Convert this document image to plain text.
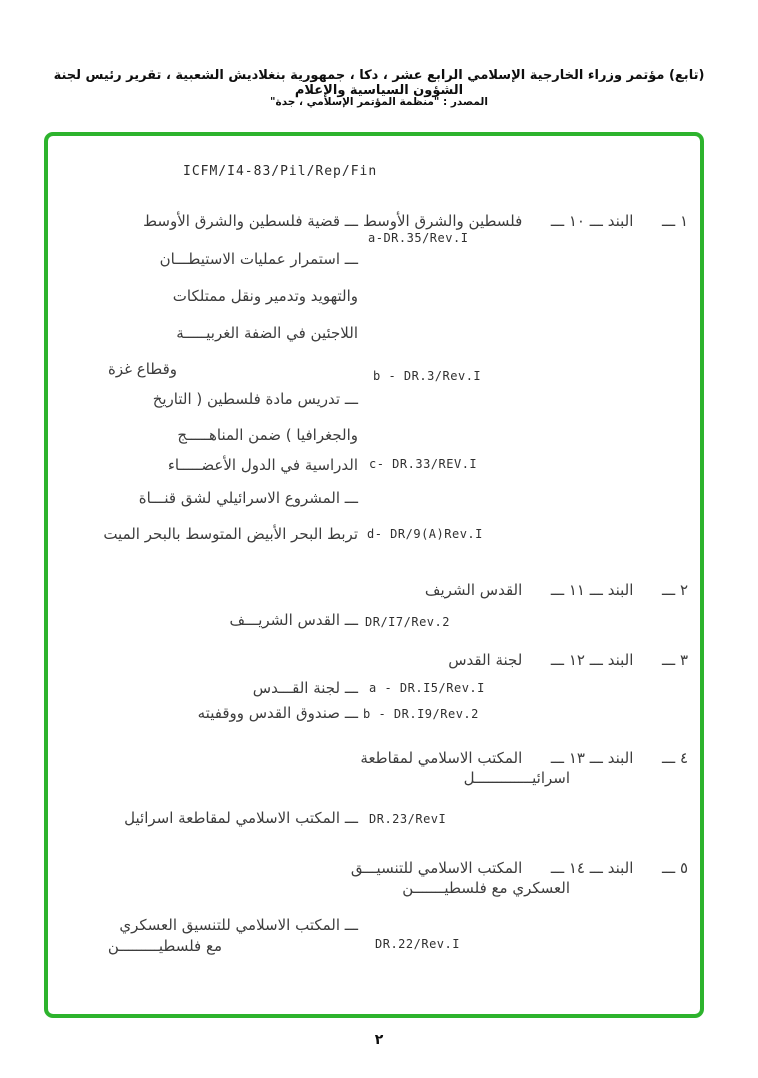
(تابع) مؤتمر وزراء الخارجية الإسلامي الرابع عشر ، دكا ، جمهورية بنغلاديش الشعبية ، تقرير رئيس لجنة الشؤون السياسية والإعلام
المصدر : "منظمة المؤتمر الإسلامي ، جدة"
ICFM/I4-83/Pil/Rep/Fin
١ ـــ      البند ـــ ١٠ ـــ      فلسطين والشرق الأوسط
a-DR.35/Rev.I
ـــ قضية فلسطين والشرق الأوسط
ـــ استمرار عمليات الاستيطـــان
والتهويد وتدمير ونقل ممتلكات
اللاجئين في الضفة الغربيـــــة
وقطاع غزة	b - DR.3/Rev.I
ـــ تدريس مادة فلسطين ( التاريخ
والجغرافيا ) ضمن المناهـــــج
الدراسية في الدول الأعضـــــاء c- DR.33/REV.I
ـــ المشروع الاسرائيلي لشق قنـــاة
تربط البحر الأبيض المتوسط بالبحر الميت d- DR/9(A)Rev.I
٢ ـــ      البند ـــ ١١ ـــ      القدس الشريف
ـــ القدس الشريـــف DR/I7/Rev.2
٣ ـــ      البند ـــ ١٢ ـــ      لجنة القدس
ـــ لجنة القـــدس a - DR.I5/Rev.I
ـــ صندوق القدس ووقفيته b - DR.I9/Rev.2
٤ ـــ      البند ـــ ١٣ ـــ      المكتب الاسلامي لمقاطعة
اسرائيـــــــــــــل
ـــ المكتب الاسلامي لمقاطعة اسرائيل DR.23/RevI
٥ ـــ      البند ـــ ١٤ ـــ      المكتب الاسلامي للتنسيـــق
العسكري مع فلسطيـــــــن
ـــ المكتب الاسلامي للتنسيق العسكري
مع فلسطيـــــــــن	DR.22/Rev.I
٢
